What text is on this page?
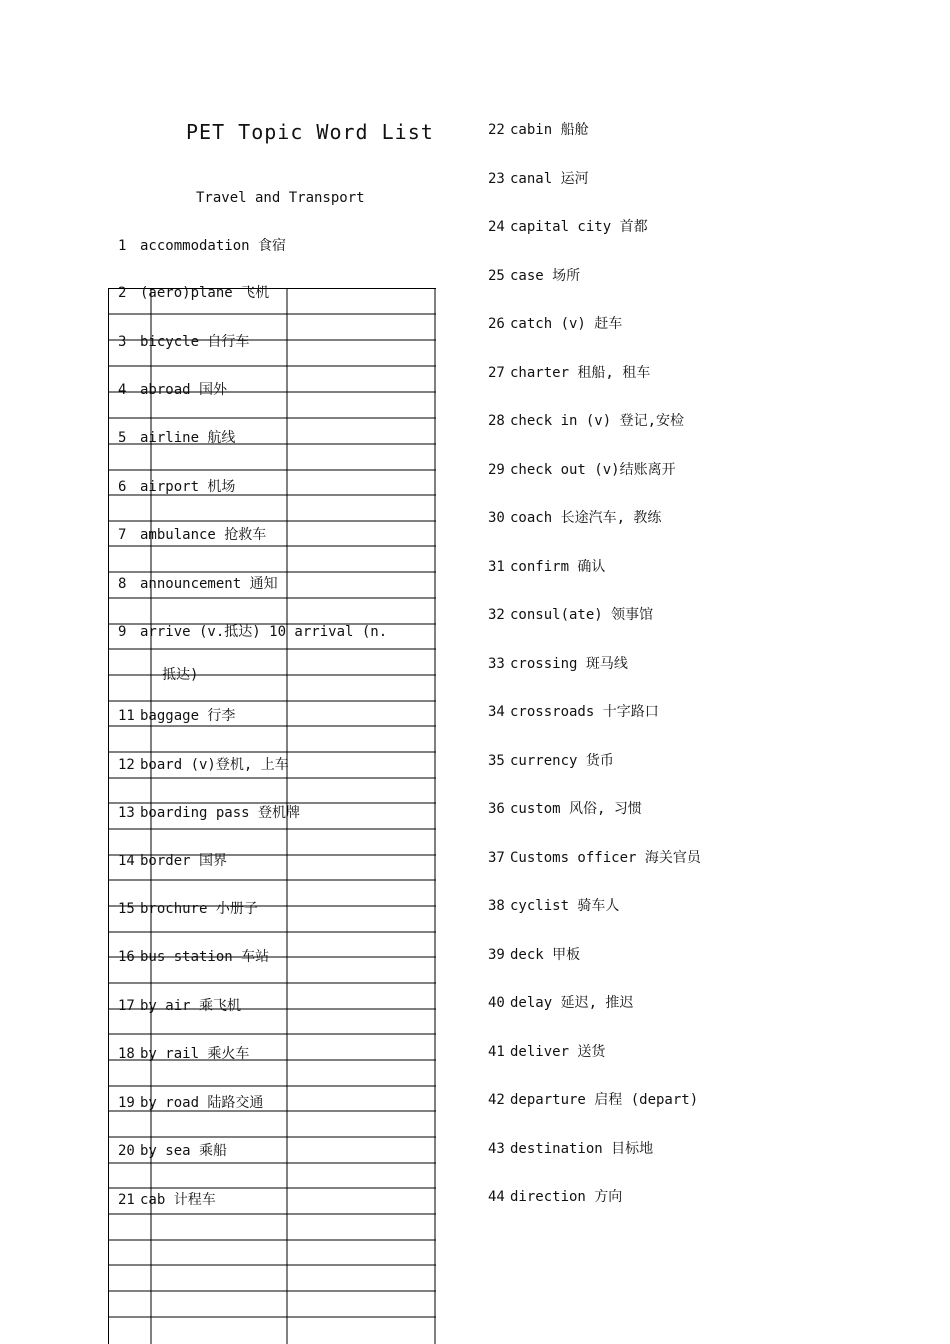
PET Topic Word List
Travel and Transport
1 accommodation 食宿
2 (aero)plane 飞机
3 bicycle 自行车
4 abroad 国外
5 airline 航线
6 airport 机场
7 ambulance 抢救车
8 announcement 通知
9 arrive (v.抵达) 10 arrival (n.
抵达)
11 baggage 行李
12 board (v)登机, 上车
13 boarding pass 登机牌
14 border 国界
15 brochure 小册子
16 bus station 车站
17 by air 乘飞机
18 by rail 乘火车
19 by road 陆路交通
20 by sea 乘船
21 cab 计程车
22 cabin 船舱
23 canal 运河
24 capital city 首都
25 case 场所
26 catch (v) 赶车
27 charter 租船, 租车
28 check in (v) 登记,安检
29 check out (v)结账离开
30 coach 长途汽车, 教练
31 confirm 确认
32 consul(ate) 领事馆
33 crossing 斑马线
34 crossroads 十字路口
35 currency 货币
36 custom 风俗, 习惯
37 Customs officer 海关官员
38 cyclist 骑车人
39 deck 甲板
40 delay 延迟, 推迟
41 deliver 送货
42 departure 启程 (depart)
43 destination 目标地
44 direction 方向
